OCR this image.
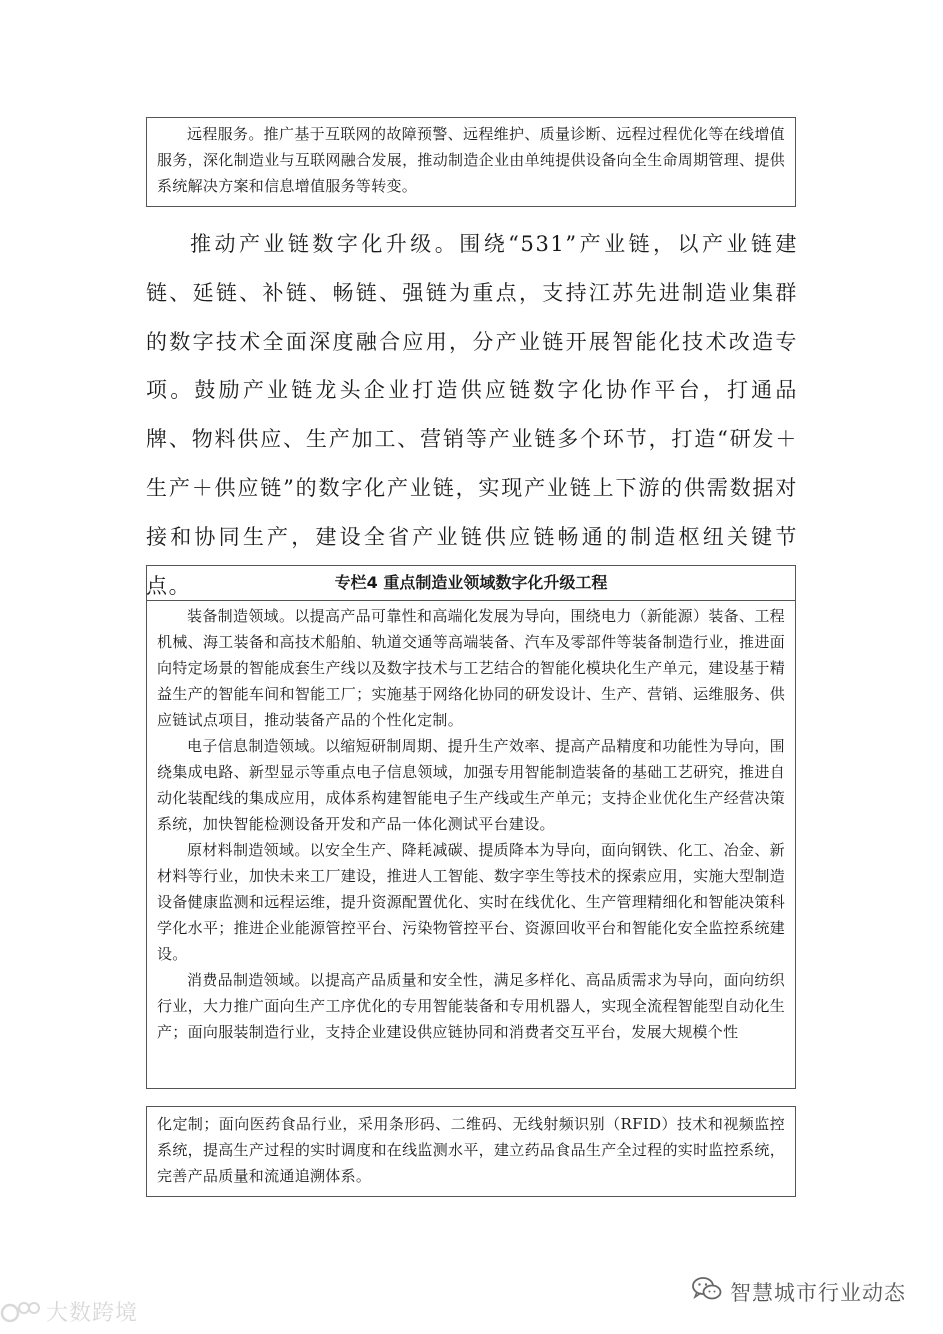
远程服务。推广基于互联网的故障预警、远程维护、质量诊断、远程过程优化等在线增值服务，深化制造业与互联网融合发展，推动制造企业由单纯提供设备向全生命周期管理、提供系统解决方案和信息增值服务等转变。

推动产业链数字化升级。围绕“531”产业链，以产业链建链、延链、补链、畅链、强链为重点，支持江苏先进制造业集群的数字技术全面深度融合应用，分产业链开展智能化技术改造专项。鼓励产业链龙头企业打造供应链数字化协作平台，打通品牌、物料供应、生产加工、营销等产业链多个环节，打造“研发＋生产＋供应链”的数字化产业链，实现产业链上下游的供需数据对接和协同生产，建设全省产业链供应链畅通的制造枢纽关键节点。	专栏4 重点制造业领域数字化升级工程

装备制造领域。以提高产品可靠性和高端化发展为导向，围绕电力（新能源）装备、工程机械、海工装备和高技术船舶、轨道交通等高端装备、汽车及零部件等装备制造行业，推进面向特定场景的智能成套生产线以及数字技术与工艺结合的智能化模块化生产单元，建设基于精益生产的智能车间和智能工厂；实施基于网络化协同的研发设计、生产、营销、运维服务、供应链试点项目，推动装备产品的个性化定制。

电子信息制造领域。以缩短研制周期、提升生产效率、提高产品精度和功能性为导向，围绕集成电路、新型显示等重点电子信息领域，加强专用智能制造装备的基础工艺研究，推进自动化装配线的集成应用，成体系构建智能电子生产线或生产单元；支持企业优化生产经营决策系统，加快智能检测设备开发和产品一体化测试平台建设。

原材料制造领域。以安全生产、降耗减碳、提质降本为导向，面向钢铁、化工、冶金、新材料等行业，加快未来工厂建设，推进人工智能、数字孪生等技术的探索应用，实施大型制造设备健康监测和远程运维，提升资源配置优化、实时在线优化、生产管理精细化和智能决策科学化水平；推进企业能源管控平台、污染物管控平台、资源回收平台和智能化安全监控系统建设。

消费品制造领域。以提高产品质量和安全性，满足多样化、高品质需求为导向，面向纺织行业，大力推广面向生产工序优化的专用智能装备和专用机器人，实现全流程智能型自动化生产；面向服装制造行业，支持企业建设供应链协同和消费者交互平台，发展大规模个性

化定制；面向医药食品行业，采用条形码、二维码、无线射频识别（RFID）技术和视频监控系统，提高生产过程的实时调度和在线监测水平，建立药品食品生产全过程的实时监控系统，完善产品质量和流通追溯体系。

大数跨境
智慧城市行业动态
